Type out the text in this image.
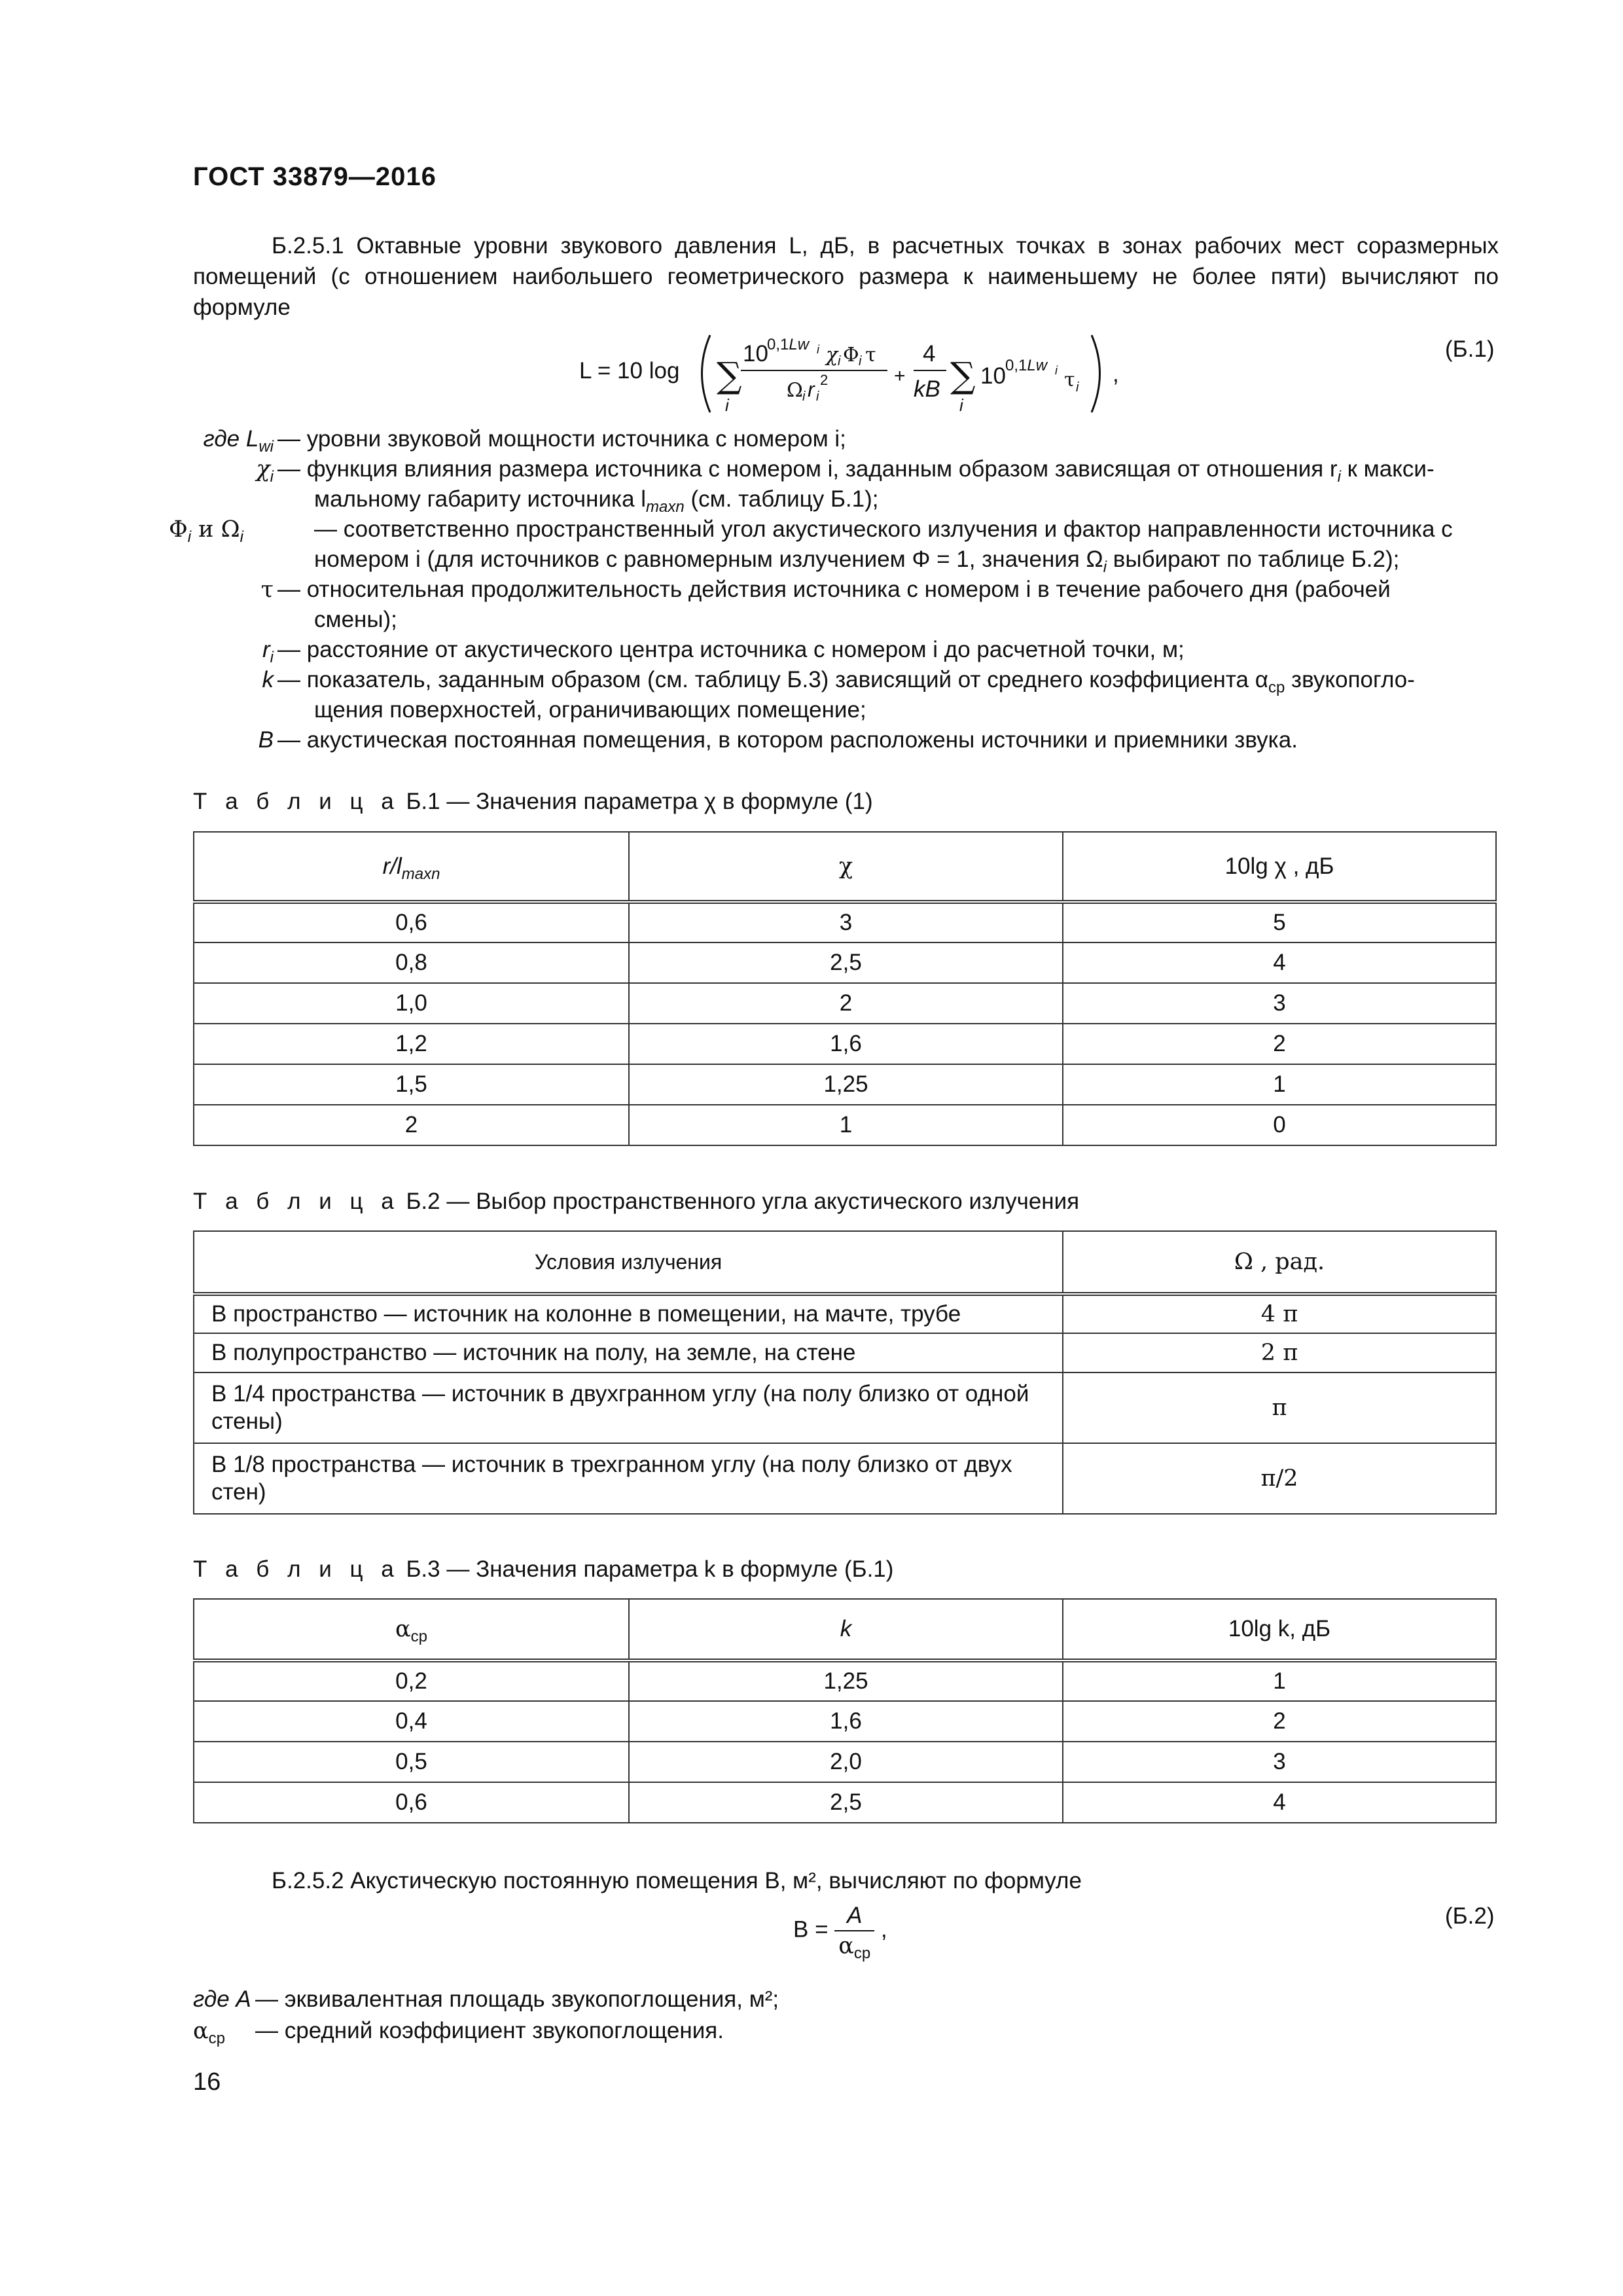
ГОСТ 33879—2016
Б.2.5.1 Октавные уровни звукового давления L, дБ, в расчетных точках в зонах рабочих мест соразмерных помещений (с отношением наибольшего геометрического размера к наименьшему не более пяти) вычисляют по формуле
L = 10 log ∑
i
10
0,1Lw i χ i Φ i τ
Ω i r i
2	+
4
kB ∑
i
10 0,1Lw i τ i
,
(Б.1)
где $L_{wi}$ — уровни звуковой мощности источника с номером i;
$\chi_i$ — функция влияния размера источника с номером i, заданным образом зависящая от отношения $r_i$ к макси-
мальному габариту источника $l_{maxn}$ (см. таблицу Б.1);
$\Phi_i$ и $\Omega_i$	— соответственно пространственный угол акустического излучения и фактор направленности источника с
номером i (для источников с равномерным излучением Φ = 1, значения $\Omega_i$ выбирают по таблице Б.2);
τ — относительная продолжительность действия источника с номером i в течение рабочего дня (рабочей
смены);
$r_i$ — расстояние от акустического центра источника с номером i до расчетной точки, м;
k — показатель, заданным образом (см. таблицу Б.3) зависящий от среднего коэффициента $\alpha_{ср}$ звукопогло-
щения поверхностей, ограничивающих помещение;
B — акустическая постоянная помещения, в котором расположены источники и приемники звука.
Т а б л и ц а Б.1 — Значения параметра χ в формуле (1)
$r/l_{maxn}$	χ	10lg χ , дБ
0,6	3	5
0,8	2,5	4
1,0	2	3
1,2	1,6	2
1,5	1,25	1
2	1	0
Т а б л и ц а Б.2 — Выбор пространственного угла акустического излучения
Условия излучения	Ω , рад.
В пространство — источник на колонне в помещении, на мачте, трубе	4 π
В полупространство — источник на полу, на земле, на стене	2 π
В 1/4 пространства — источник в двухгранном углу (на полу близко от одной стены)	π
В 1/8 пространства — источник в трехгранном углу (на полу близко от двух стен)	π/2
Т а б л и ц а Б.3 — Значения параметра k в формуле (Б.1)
$\alpha_{ср}$	k	10lg k, дБ
0,2	1,25	1
0,4	1,6	2
0,5	2,0	3
0,6	2,5	4
Б.2.5.2 Акустическую постоянную помещения B, м², вычисляют по формуле
$B = \frac{A}{\alpha_{ср}}$ ,
(Б.2)
где A — эквивалентная площадь звукопоглощения, м²;
$\alpha_{ср}$ — средний коэффициент звукопоглощения.
16
